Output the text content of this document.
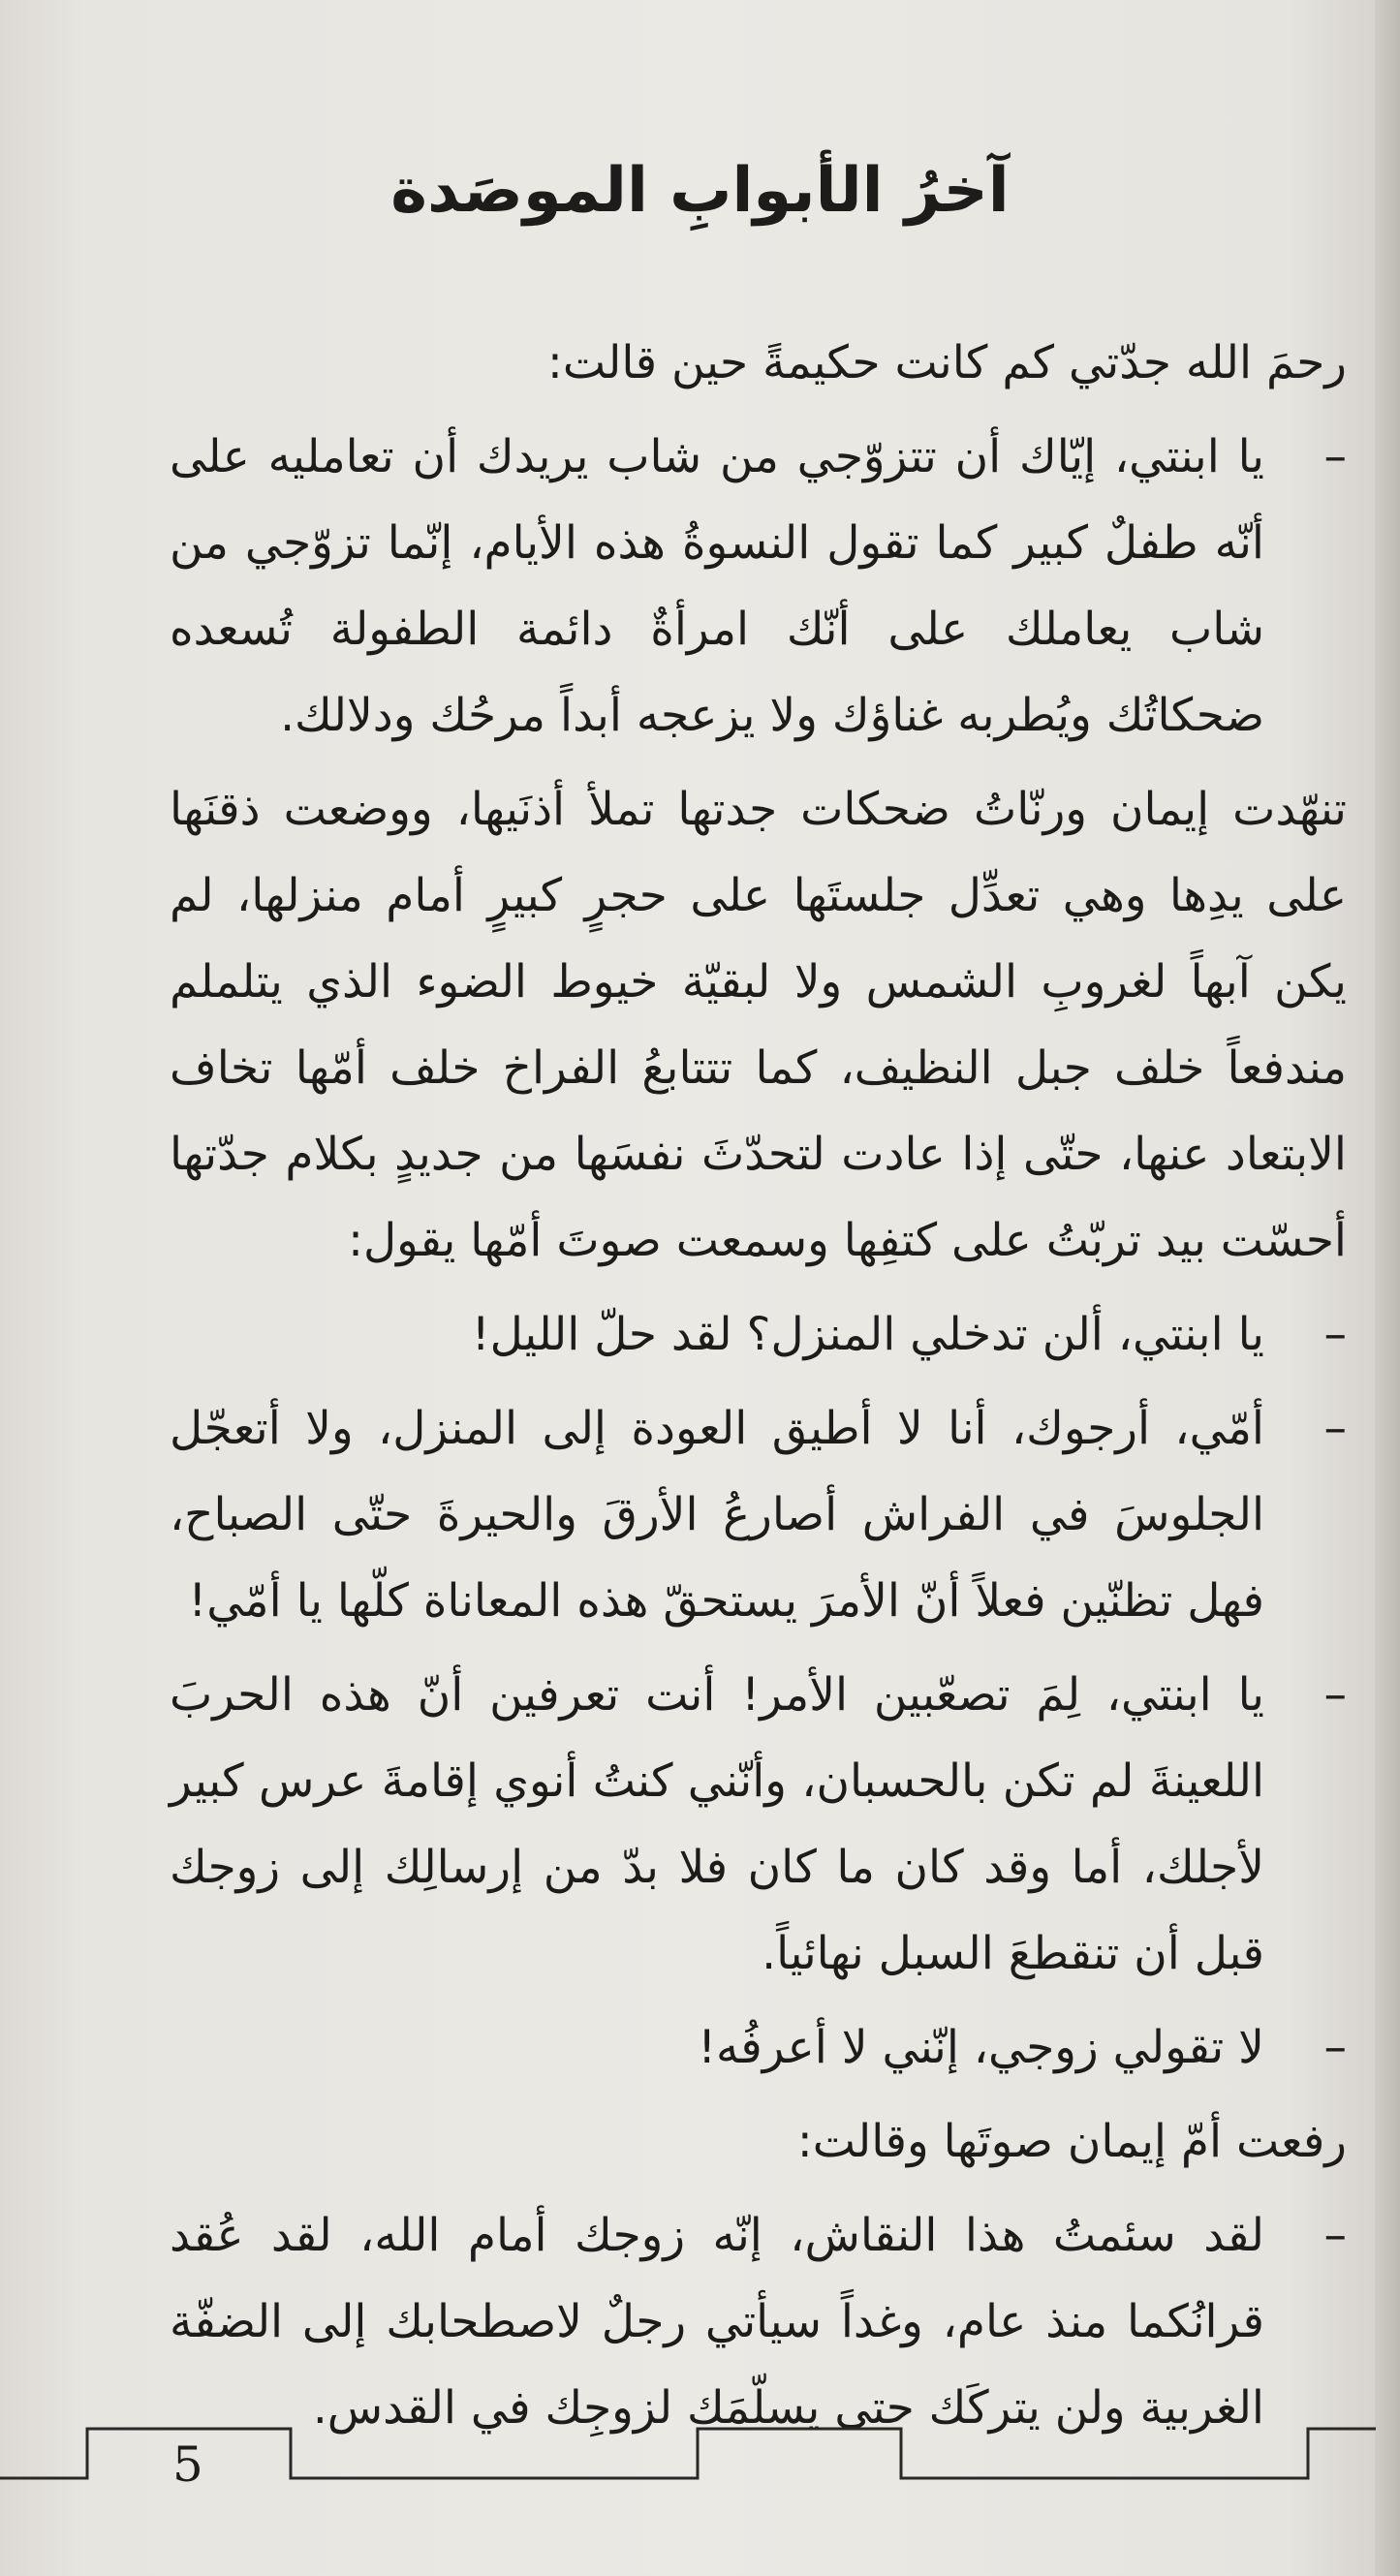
آخرُ الأبوابِ الموصَدة

رحمَ الله جدّتي كم كانت حكيمةً حين قالت:

–
يا ابنتي، إيّاك أن تتزوّجي من شاب يريدك أن تعامليه على أنّه طفلٌ كبير كما تقول النسوةُ هذه الأيام، إنّما تزوّجي من شاب يعاملك على أنّك امرأةٌ دائمة الطفولة تُسعده ضحكاتُك ويُطربه غناؤك ولا يزعجه أبداً مرحُك ودلالك.

تنهّدت إيمان ورنّاتُ ضحكات جدتها تملأ أذنَيها، ووضعت ذقنَها على يدِها وهي تعدِّل جلستَها على حجرٍ كبيرٍ أمام منزلها، لم يكن آبهاً لغروبِ الشمس ولا لبقيّة خيوط الضوء الذي يتلملم مندفعاً خلف جبل النظيف، كما تتتابعُ الفراخ خلف أمّها تخاف الابتعاد عنها، حتّى إذا عادت لتحدّثَ نفسَها من جديدٍ بكلام جدّتها أحسّت بيد تربّتُ على كتفِها وسمعت صوتَ أمّها يقول:

–
يا ابنتي، ألن تدخلي المنزل؟ لقد حلّ الليل!
–
أمّي، أرجوك، أنا لا أطيق العودة إلى المنزل، ولا أتعجّل الجلوسَ في الفراش أصارعُ الأرقَ والحيرةَ حتّى الصباح، فهل تظنّين فعلاً أنّ الأمرَ يستحقّ هذه المعاناة كلّها يا أمّي!
–
يا ابنتي، لِمَ تصعّبين الأمر! أنت تعرفين أنّ هذه الحربَ اللعينةَ لم تكن بالحسبان، وأنّني كنتُ أنوي إقامةَ عرس كبير لأجلك، أما وقد كان ما كان فلا بدّ من إرسالِك إلى زوجك قبل أن تنقطعَ السبل نهائياً.
–
لا تقولي زوجي، إنّني لا أعرفُه!

رفعت أمّ إيمان صوتَها وقالت:

–
لقد سئمتُ هذا النقاش، إنّه زوجك أمام الله، لقد عُقد قرانُكما منذ عام، وغداً سيأتي رجلٌ لاصطحابك إلى الضفّة الغربية ولن يتركَك حتى يسلّمَك لزوجِك في القدس.
5
